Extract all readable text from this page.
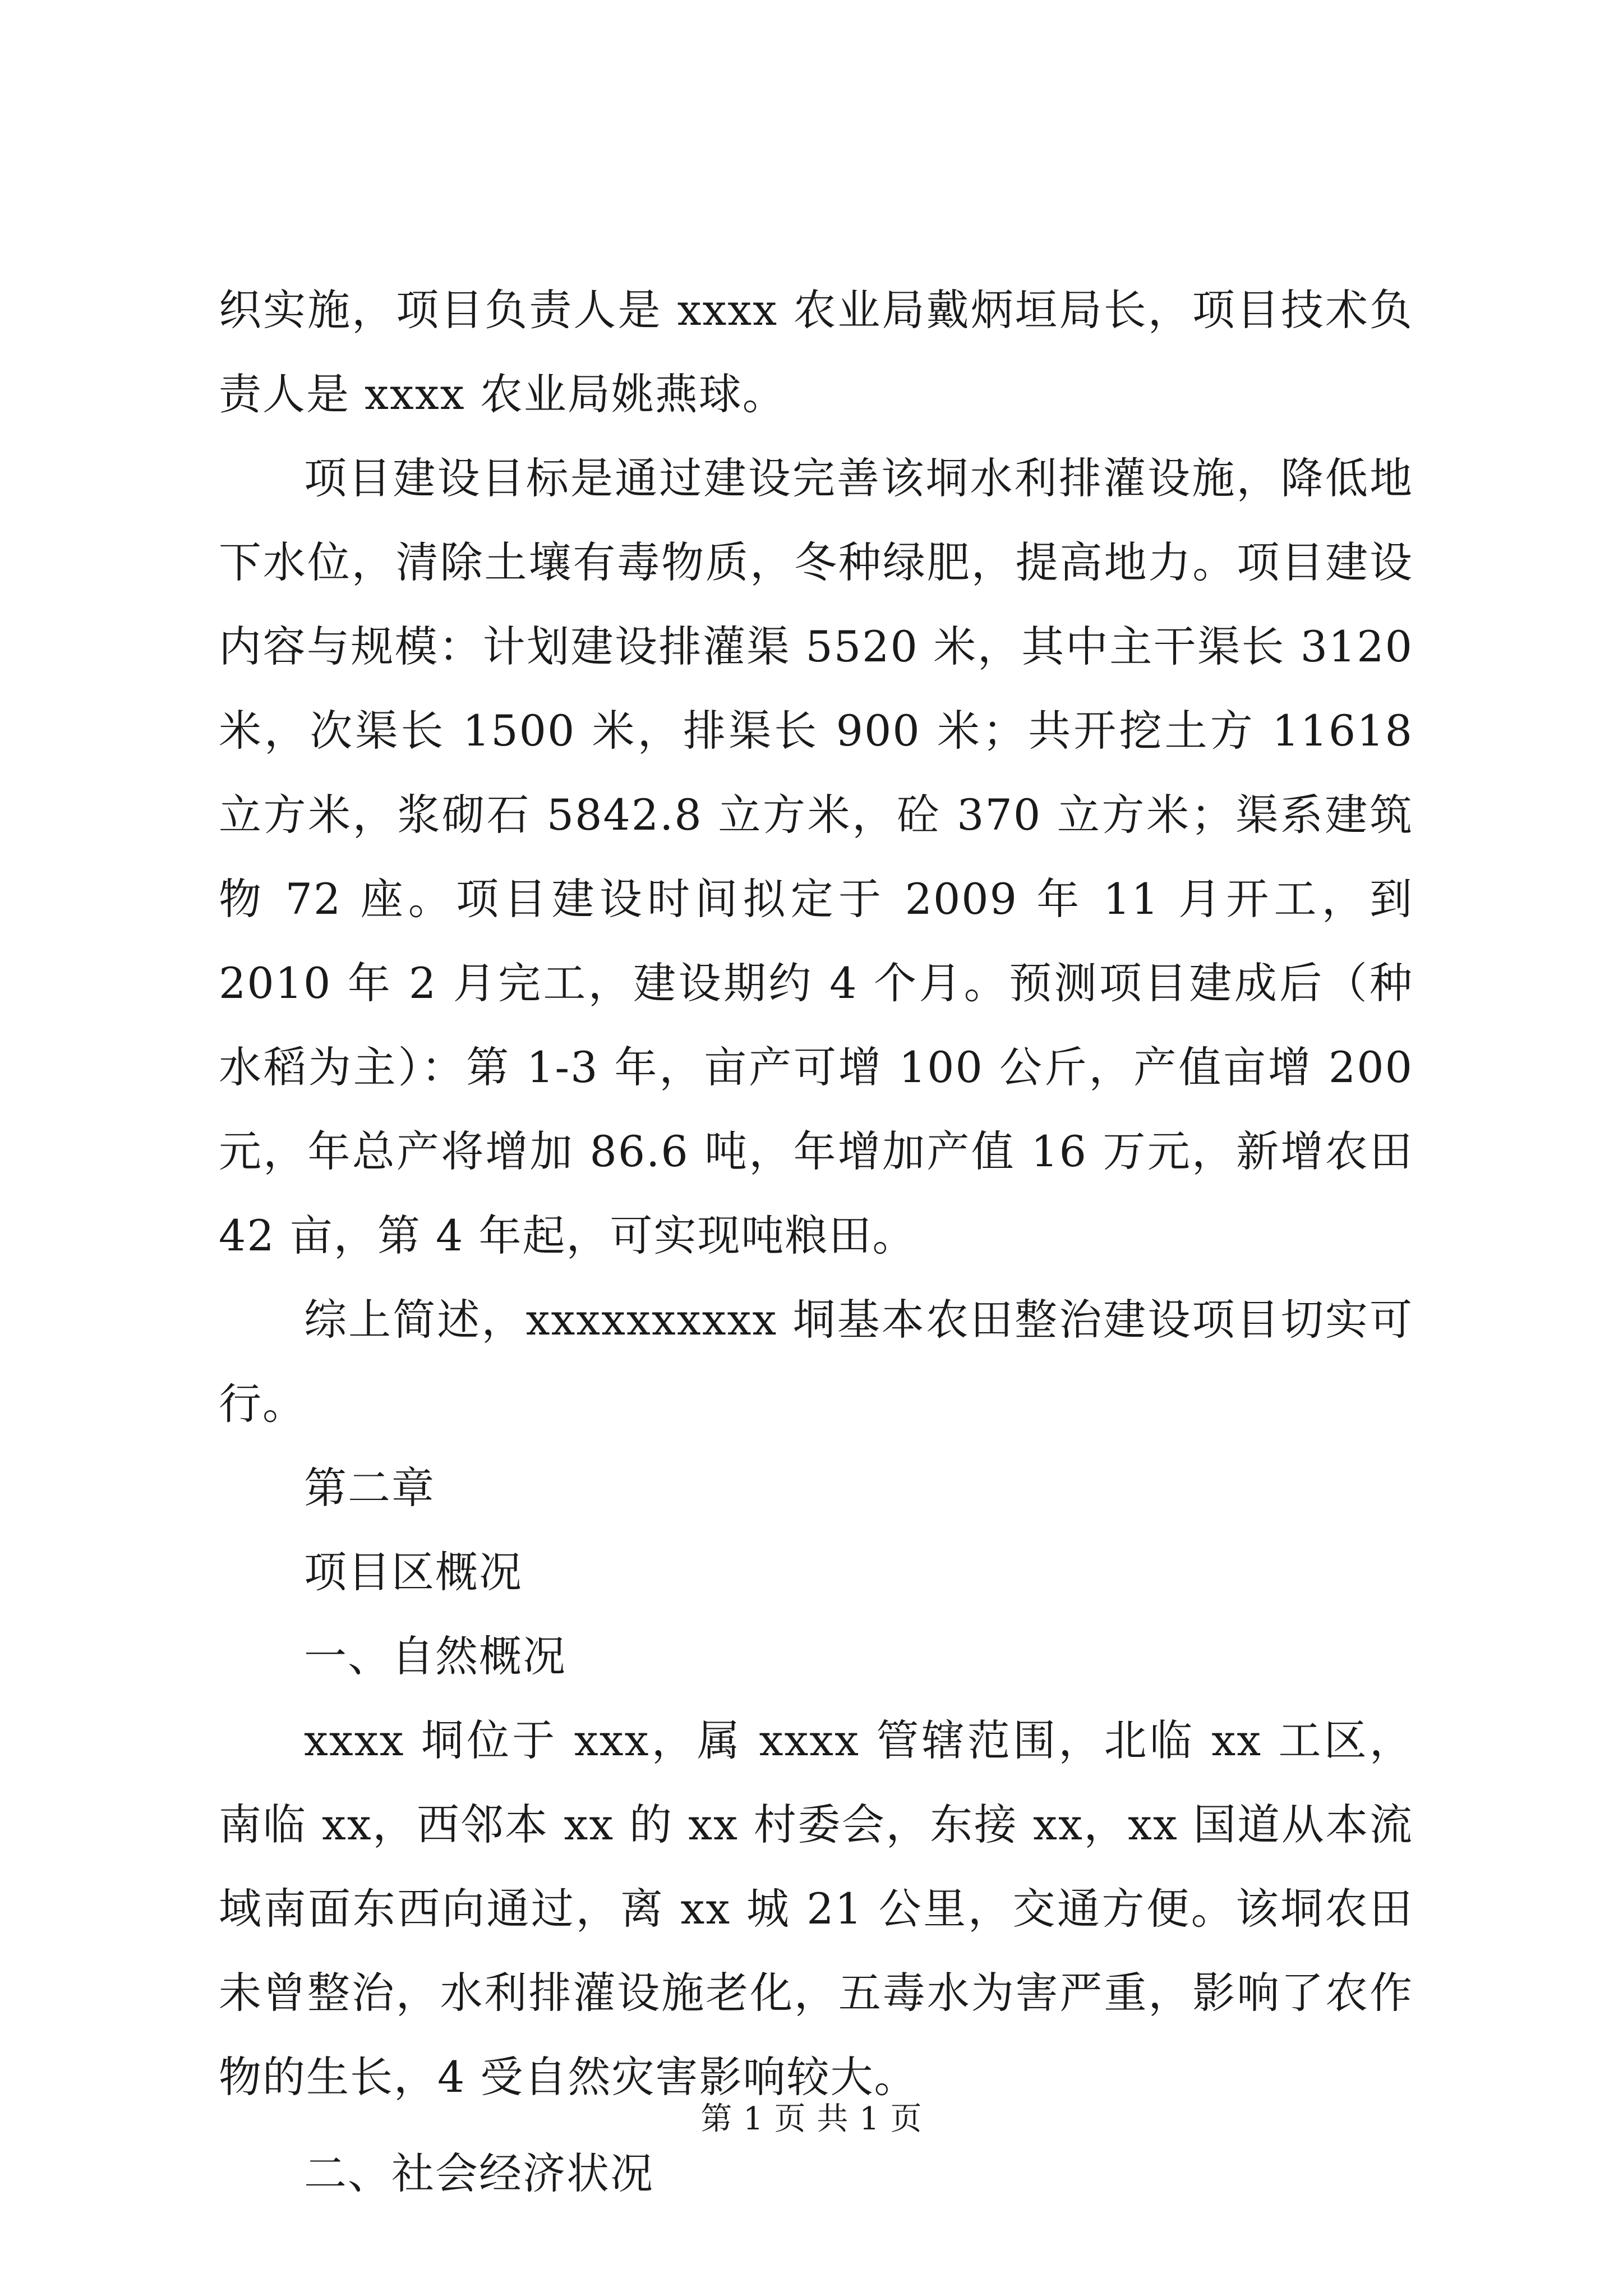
织实施，项目负责人是 xxxx 农业局戴炳垣局长，项目技术负责人是 xxxx 农业局姚燕球。

项目建设目标是通过建设完善该垌水利排灌设施，降低地下水位，清除土壤有毒物质，冬种绿肥，提高地力。项目建设内容与规模：计划建设排灌渠 5520 米，其中主干渠长 3120 米，次渠长 1500 米，排渠长 900 米；共开挖土方 11618 立方米，浆砌石 5842.8 立方米，砼 370 立方米；渠系建筑物 72 座。项目建设时间拟定于 2009 年 11 月开工，到 2010 年 2 月完工，建设期约 4 个月。预测项目建成后（种水稻为主）：第 1-3 年，亩产可增 100 公斤，产值亩增 200 元，年总产将增加 86.6 吨，年增加产值 16 万元，新增农田 42 亩，第 4 年起，可实现吨粮田。

综上简述，xxxxxxxxxx 垌基本农田整治建设项目切实可行。

第二章

项目区概况

一、自然概况

xxxx 垌位于 xxx，属 xxxx 管辖范围，北临 xx 工区，南临 xx，西邻本 xx 的 xx 村委会，东接 xx，xx 国道从本流域南面东西向通过，离 xx 城 21 公里，交通方便。该垌农田未曾整治，水利排灌设施老化，五毒水为害严重，影响了农作物的生长，4 受自然灾害影响较大。

二、社会经济状况

第 1 页 共 1 页
